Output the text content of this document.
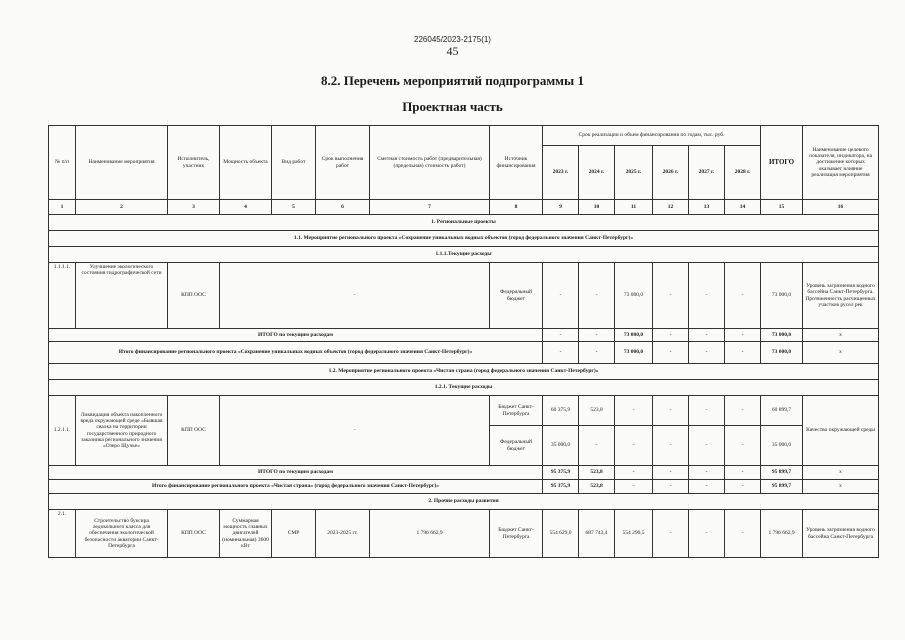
226045/2023-2175(1)
45
8.2. Перечень мероприятий подпрограммы 1
Проектная часть
№ п/п	Наименование мероприятия	Исполнитель, участник	Мощность объекта	Вид работ	Срок выполнения работ	Сметная стоимость работ (предварительная) (предельная) стоимость работ)	Источник финансирования	Срок реализации и объем финансирования по годам, тыс. руб.						ИТОГО	Наименование целевого показателя, индикатора, на достижение которых оказывает влияние реализация мероприятия
								2023 г.	2024 г.	2025 г.	2026 г.	2027 г.	2028 г.		
1	2	3	4	5	6	7	8	9	10	11	12	13	14	15	16
1. Региональные проекты															
1.1. Мероприятие регионального проекта «Сохранение уникальных водных объектов (город федерального значения Санкт-Петербург)»															
1.1.1.Текущие расходы															
1.1.1.1.	Улучшение экологического состояния гидрографической сети	КПП ООС	-				Федеральный бюджет	-	-	73 000,0	-	-	-	73 000,0	Уровень загрязнения водного бассейна Санкт-Петербурга. Протяженность расчищенных участков русел рек
ИТОГО по текущим расходам								-	-	73 000,0	-	-	-	73 000,0	х
Итого финансирование регионального проекта «Сохранение уникальных водных объектов (город федерального значения Санкт-Петербург)»								-	-	73 000,0	-	-	-	73 000,0	х
1.2. Мероприятие регионального проекта «Чистая страна (город федерального значения Санкт-Петербург)»															
1.2.1. Текущие расходы															
1.2.1.1.	Ликвидация объекта накопленного вреда окружающей среде «Бывшая свалка на территории государственного природного заказника регионального значения «Озеро Щучье»	КПП ООС	-				Бюджет Санкт-Петербурга	60 375,9	523,8	-	-	-	-	60 899,7	Качество окружающей среды
							Федеральный бюджет	35 000,0	-	-	-	-	-	35 000,0	
ИТОГО по текущим расходам								95 375,9	523,8	-	-	-	-	95 899,7	х
Итого финансирование регионального проекта «Чистая страна» (город федерального значения Санкт-Петербург)»								95 375,9	523,8	-	-	-	-	95 899,7	х
2. Прочие расходы развития															
2.1.	Строительство буксира ледокольного класса для обеспечения экологической безопасности акватории Санкт-Петербурга	КПП ООС	Суммарная мощность главных двигателей (номинальная) 3600 кВт	СМР	2023-2025 гг.	1 796 662,9	Бюджет Санкт-Петербурга	554 629,0	687 743,4	554 290,5	-	-	-	1 796 662,9	Уровень загрязнения водного бассейна Санкт-Петербурга
